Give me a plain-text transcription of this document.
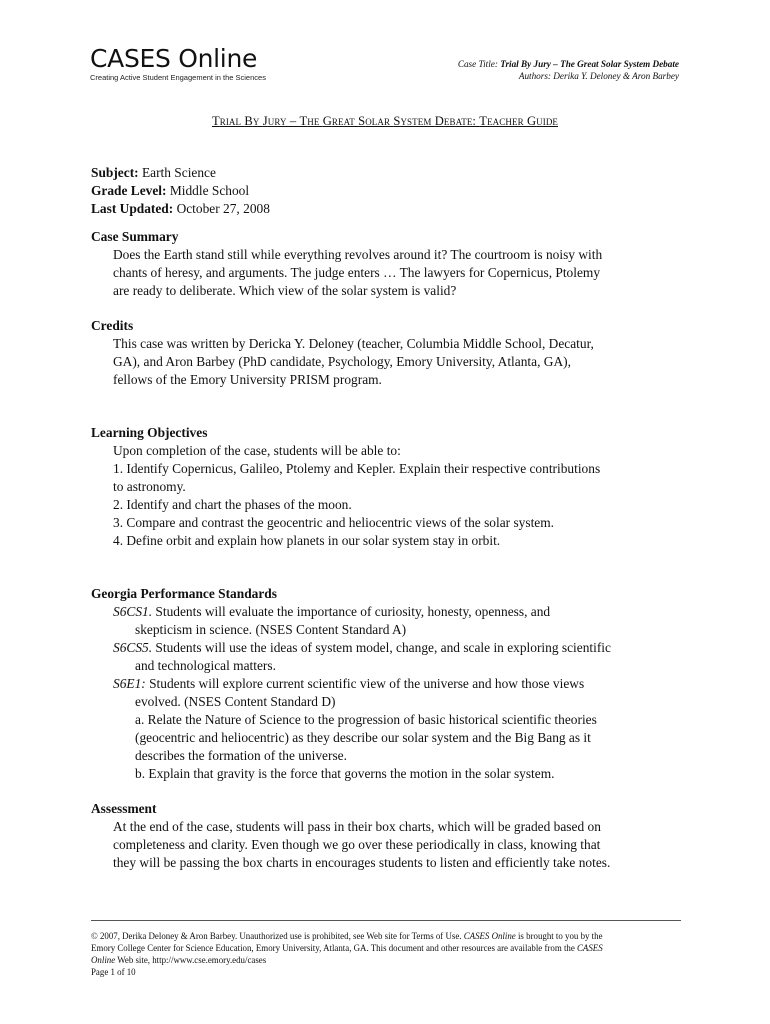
CASES Online
Creating Active Student Engagement in the Sciences
Case Title: Trial By Jury – The Great Solar System Debate
Authors: Derika Y. Deloney & Aron Barbey
Trial By Jury – The Great Solar System Debate: Teacher Guide
Subject: Earth Science
Grade Level: Middle School
Last Updated: October 27, 2008
Case Summary
Does the Earth stand still while everything revolves around it? The courtroom is noisy with
chants of heresy, and arguments. The judge enters … The lawyers for Copernicus, Ptolemy
are ready to deliberate. Which view of the solar system is valid?
Credits
This case was written by Dericka Y. Deloney (teacher, Columbia Middle School, Decatur,
GA), and Aron Barbey (PhD candidate, Psychology, Emory University, Atlanta, GA),
fellows of the Emory University PRISM program.
Learning Objectives
Upon completion of the case, students will be able to:
1. Identify Copernicus, Galileo, Ptolemy and Kepler. Explain their respective contributions
to astronomy.
2. Identify and chart the phases of the moon.
3. Compare and contrast the geocentric and heliocentric views of the solar system.
4. Define orbit and explain how planets in our solar system stay in orbit.
Georgia Performance Standards
S6CS1. Students will evaluate the importance of curiosity, honesty, openness, and
skepticism in science. (NSES Content Standard A)
S6CS5. Students will use the ideas of system model, change, and scale in exploring scientific
and technological matters.
S6E1: Students will explore current scientific view of the universe and how those views
evolved. (NSES Content Standard D)
a. Relate the Nature of Science to the progression of basic historical scientific theories
(geocentric and heliocentric) as they describe our solar system and the Big Bang as it
describes the formation of the universe.
b. Explain that gravity is the force that governs the motion in the solar system.
Assessment
At the end of the case, students will pass in their box charts, which will be graded based on
completeness and clarity. Even though we go over these periodically in class, knowing that
they will be passing the box charts in encourages students to listen and efficiently take notes.
© 2007, Derika Deloney & Aron Barbey. Unauthorized use is prohibited, see Web site for Terms of Use. CASES Online is brought to you by the
Emory College Center for Science Education, Emory University, Atlanta, GA. This document and other resources are available from the CASES
Online Web site, http://www.cse.emory.edu/cases
Page 1 of 10
